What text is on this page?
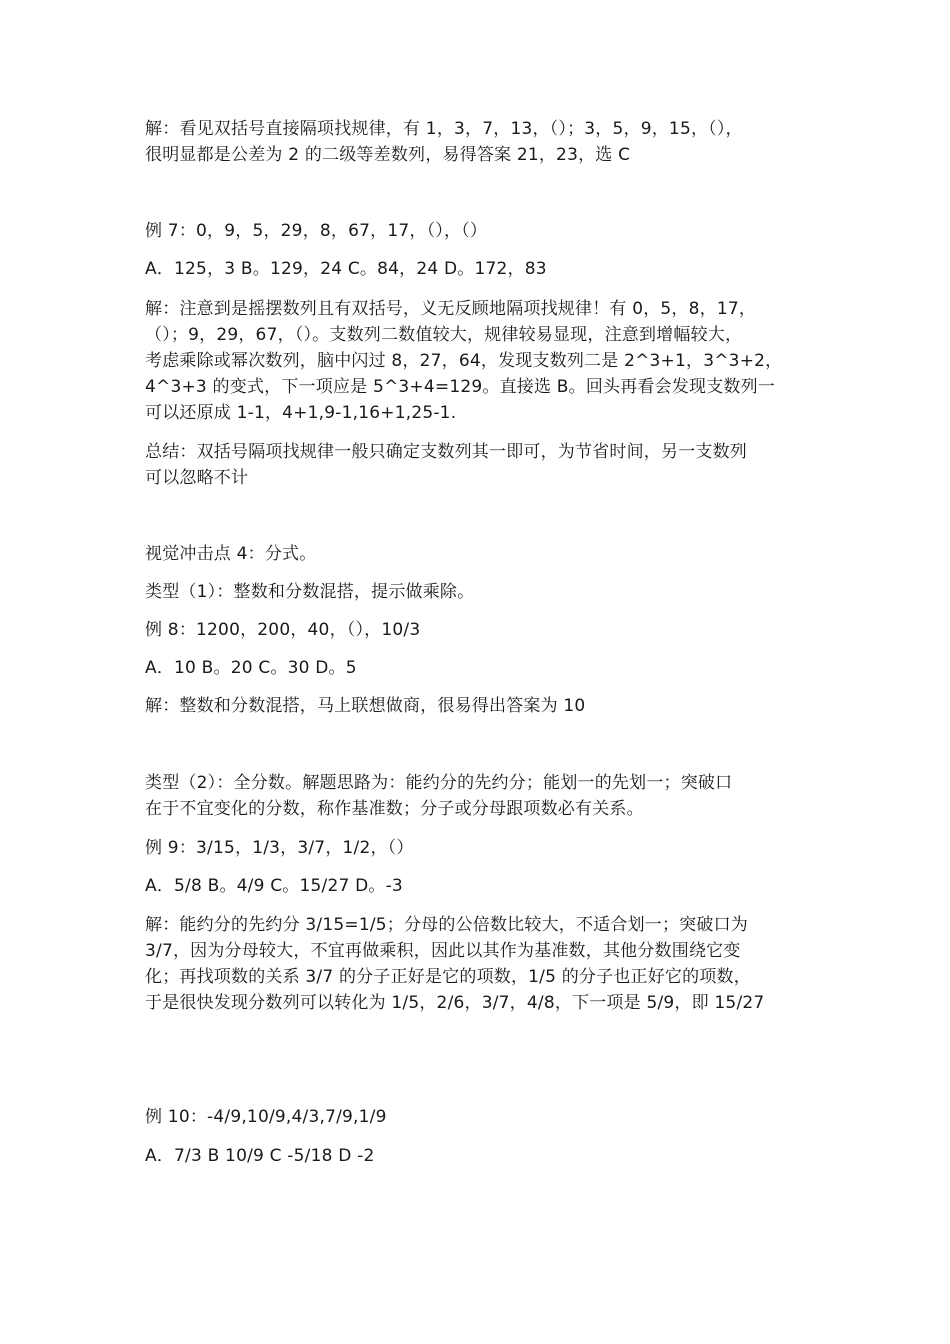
解：看见双括号直接隔项找规律，有 1，3，7，13，（）；3，5，9，15，（），
很明显都是公差为 2 的二级等差数列，易得答案 21，23，选 C
例 7：0，9，5，29，8，67，17，（），（）
A．125，3 B。129，24 C。84，24 D。172，83
解：注意到是摇摆数列且有双括号，义无反顾地隔项找规律！有 0，5，8，17，
（）；9，29，67，（）。支数列二数值较大，规律较易显现，注意到增幅较大，
考虑乘除或幂次数列，脑中闪过 8，27，64，发现支数列二是 2^3+1，3^3+2，
4^3+3 的变式，下一项应是 5^3+4=129。直接选 B。回头再看会发现支数列一
可以还原成 1-1，4+1,9-1,16+1,25-1.
总结：双括号隔项找规律一般只确定支数列其一即可，为节省时间，另一支数列
可以忽略不计
视觉冲击点 4：分式。
类型（1）：整数和分数混搭，提示做乘除。
例 8：1200，200，40，（），10/3
A．10 B。20 C。30 D。5
解：整数和分数混搭，马上联想做商，很易得出答案为 10
类型（2）：全分数。解题思路为：能约分的先约分；能划一的先划一；突破口
在于不宜变化的分数，称作基准数；分子或分母跟项数必有关系。
例 9：3/15，1/3，3/7，1/2，（）
A．5/8 B。4/9 C。15/27 D。-3
解：能约分的先约分 3/15=1/5；分母的公倍数比较大，不适合划一；突破口为
3/7，因为分母较大，不宜再做乘积，因此以其作为基准数，其他分数围绕它变
化；再找项数的关系 3/7 的分子正好是它的项数，1/5 的分子也正好它的项数，
于是很快发现分数列可以转化为 1/5，2/6，3/7，4/8，下一项是 5/9，即 15/27
例 10：-4/9,10/9,4/3,7/9,1/9
A．7/3 B 10/9 C -5/18 D -2
